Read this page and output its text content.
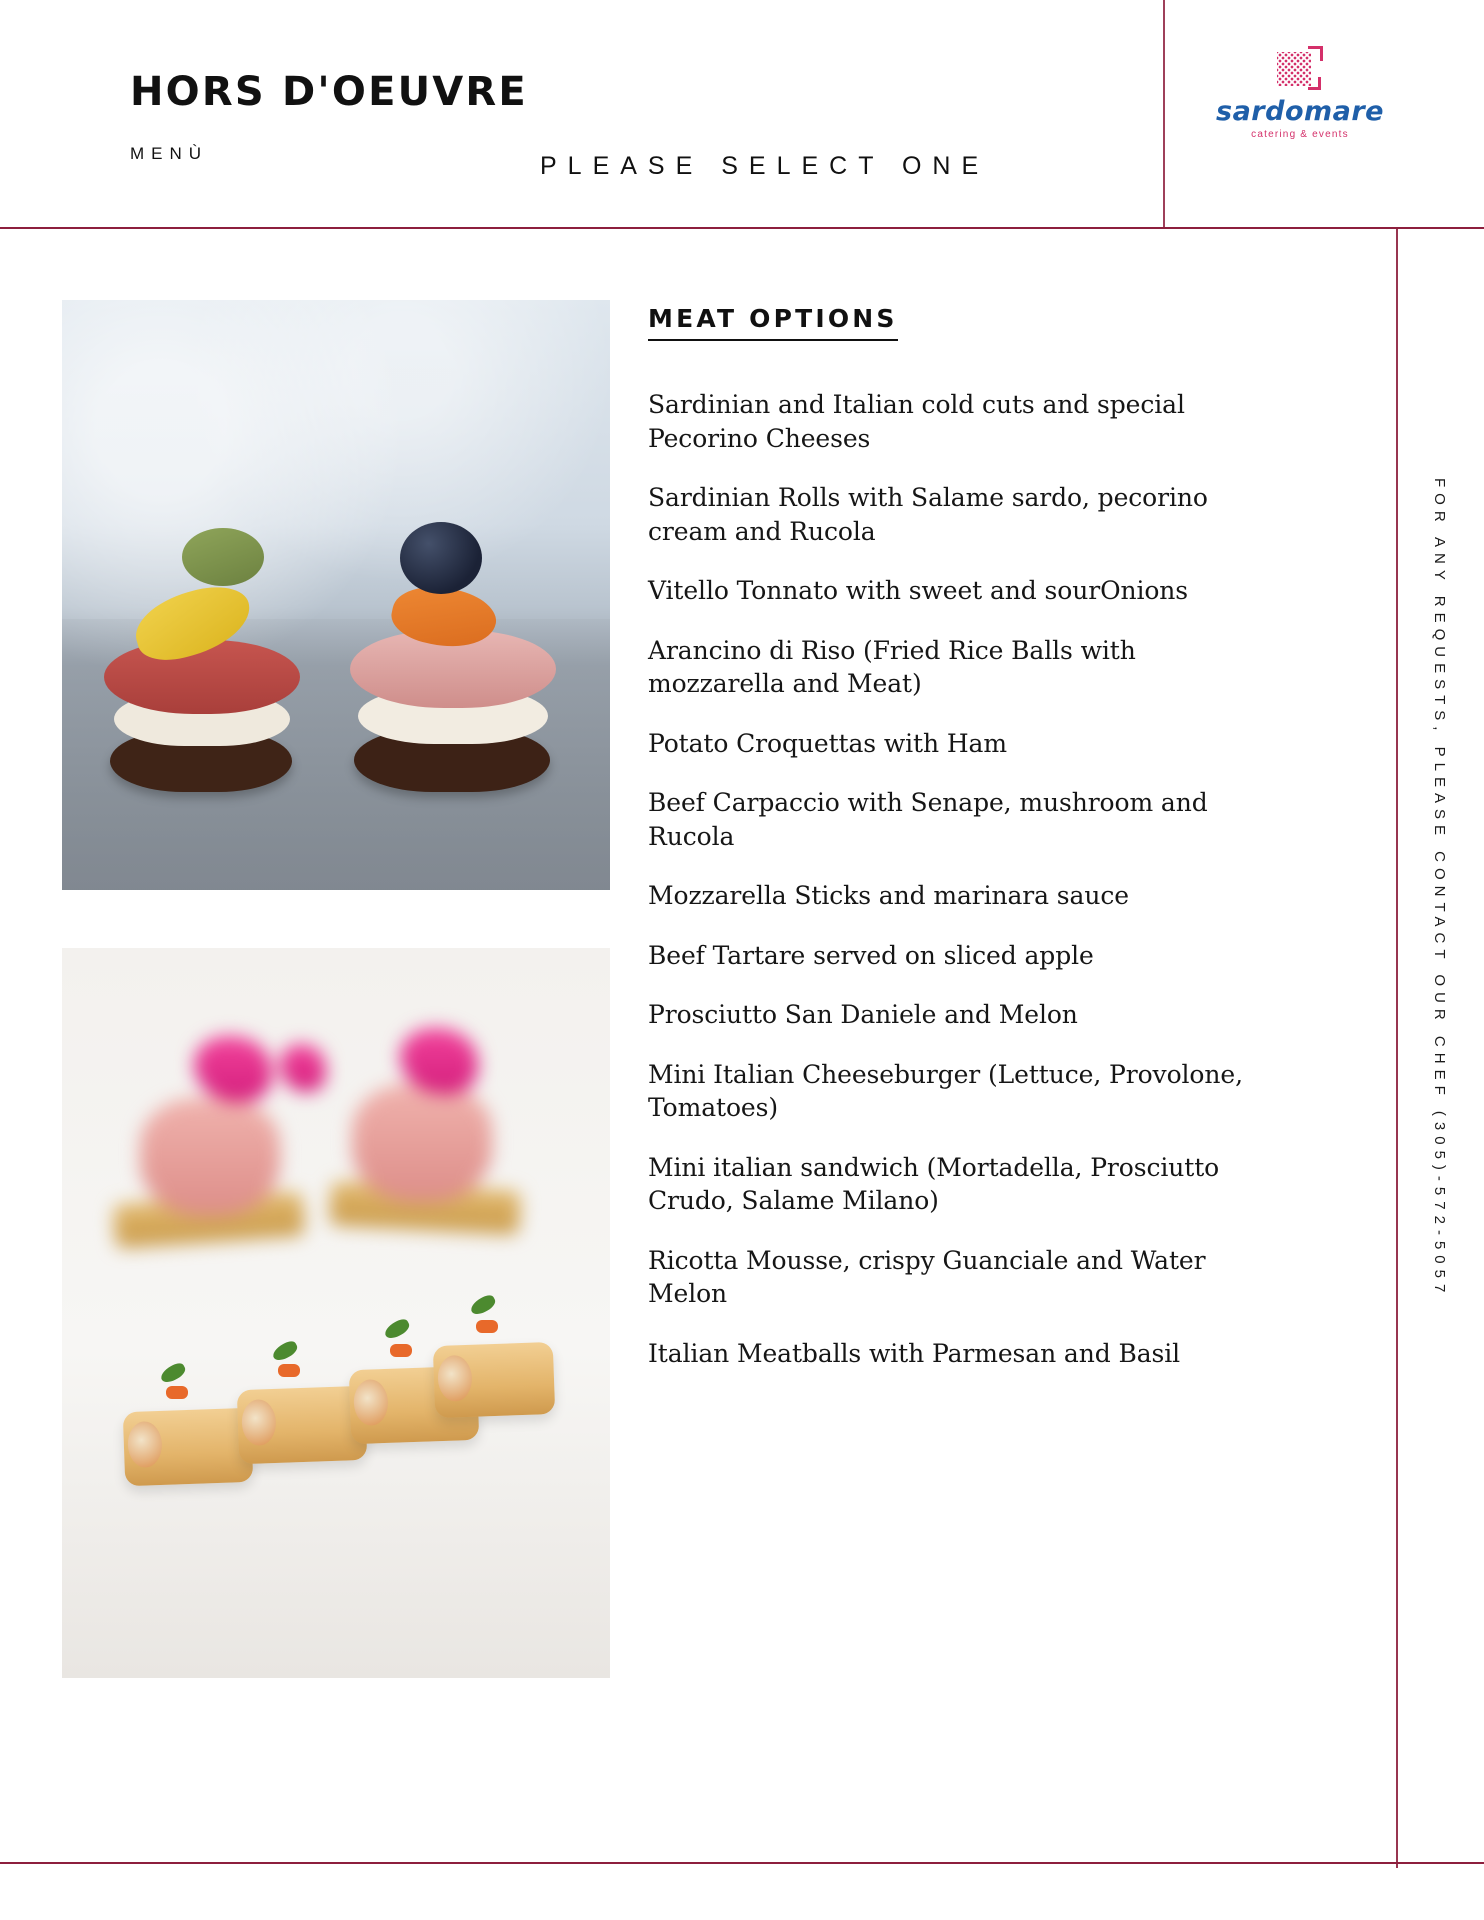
HORS D'OEUVRE
MENÙ	PLEASE SELECT ONE
sardomare
catering & events
MEAT OPTIONS
Sardinian and Italian cold cuts and special Pecorino Cheeses
Sardinian Rolls with Salame sardo, pecorino cream and Rucola
Vitello Tonnato with sweet and sourOnions
Arancino di Riso (Fried Rice Balls with mozzarella and Meat)
Potato Croquettas with Ham
Beef Carpaccio with Senape, mushroom and Rucola
Mozzarella Sticks and marinara sauce
Beef Tartare served on sliced apple
Prosciutto San Daniele and Melon
Mini Italian Cheeseburger (Lettuce, Provolone, Tomatoes)
Mini italian sandwich (Mortadella, Prosciutto Crudo, Salame Milano)
Ricotta Mousse, crispy Guanciale and Water Melon
Italian Meatballs with Parmesan and Basil
FOR ANY REQUESTS, PLEASE CONTACT OUR CHEF (305)-572-5057
